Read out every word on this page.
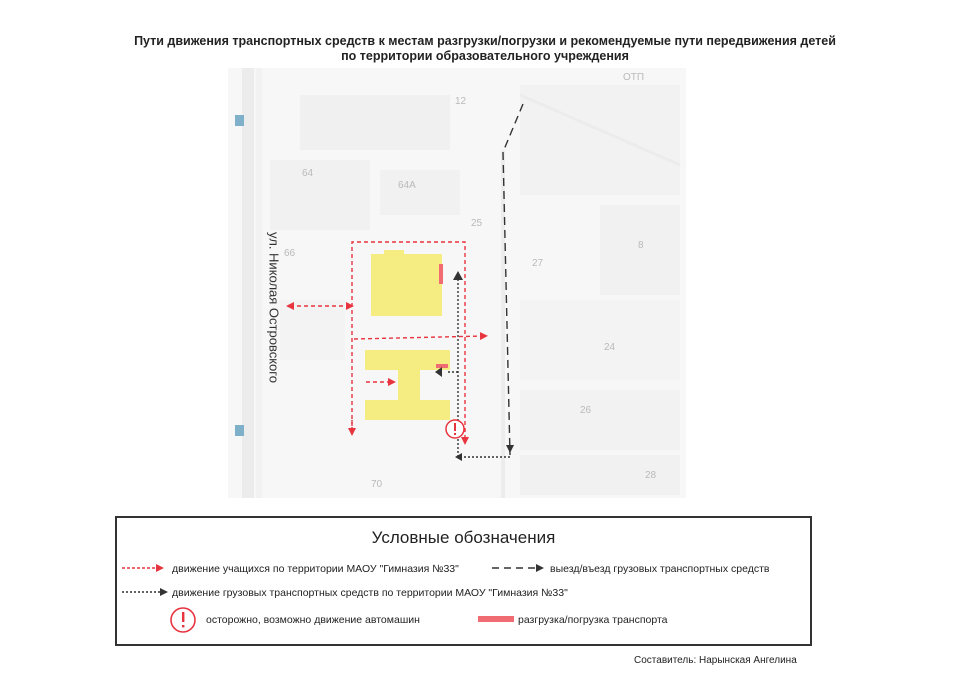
Пути движения транспортных средств к местам разгрузки/погрузки и рекомендуемые пути передвижения детей
по территории образовательного учреждения
12
64
64А
25
8
66
27
24
26
28
70
ОТП
ул. Николая Островского
Условные обозначения
движение учащихся по территории МАОУ "Гимназия №33"	выезд/въезд грузовых транспортных средств
движение грузовых транспортных средств по территории МАОУ "Гимназия №33"
осторожно, возможно движение автомашин	разгрузка/погрузка транспорта
Составитель: Нарынская Ангелина
